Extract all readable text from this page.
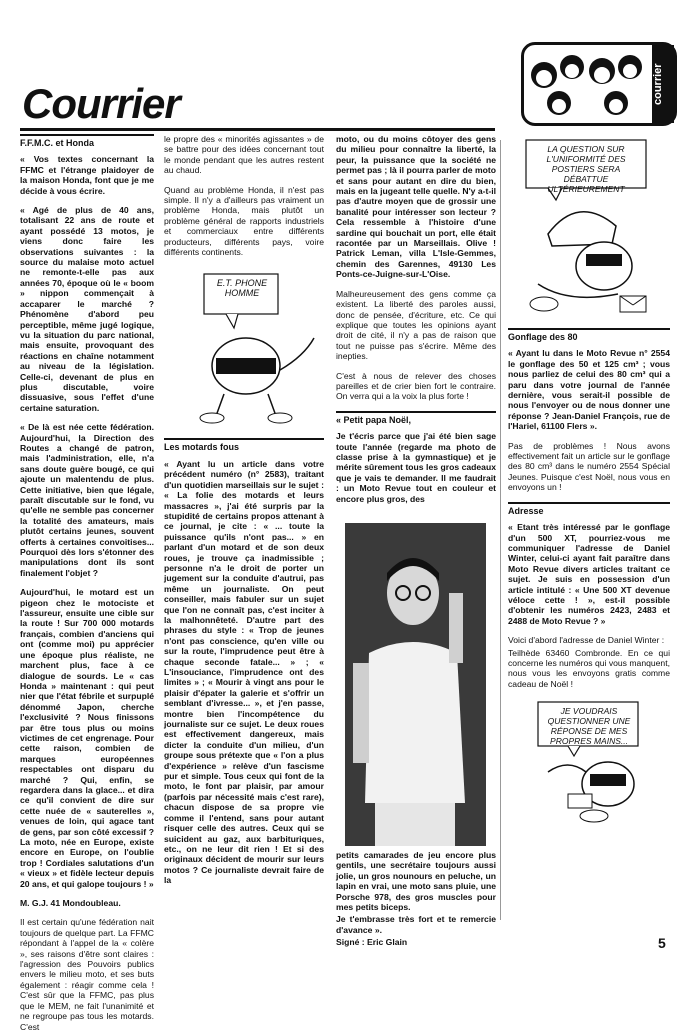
Courrier	courrier
F.F.M.C. et Honda

« Vos textes concernant la FFMC et l'étrange plaidoyer de la maison Honda, font que je me décide à vous écrire.

« Agé de plus de 40 ans, totalisant 22 ans de route et ayant possédé 13 motos, je viens donc faire les observations suivantes : la source du malaise moto actuel ne remonte-t-elle pas aux années 70, époque où le « boom » nippon commençait à accaparer le marché ? Phénomène d'abord peu perceptible, même jugé logique, vu la situation du parc national, mais ensuite, provoquant des réactions en chaîne notamment au niveau de la législation. Celle-ci, devenant de plus en plus discutable, voire dissuasive, sous l'effet d'une certaine saturation.

« De là est née cette fédération. Aujourd'hui, la Direction des Routes a changé de patron, mais l'administration, elle, n'a sans doute guère bougé, ce qui ajoute un malentendu de plus. Cette initiative, bien que légale, paraît discutable sur le fond, vu qu'elle ne semble pas concerner la totalité des amateurs, mais plutôt certains jeunes, souvent offerts à certaines convoitises... Pourquoi dès lors s'étonner des manipulations dont ils sont finalement l'objet ?

Aujourd'hui, le motard est un pigeon chez le motociste et l'assureur, ensuite une cible sur la route ! Sur 700 000 motards français, combien d'anciens qui ont (comme moi) pu apprécier une époque plus réaliste, ne marchent plus, face à ce dialogue de sourds. Le « cas Honda » maintenant : qui peut nier que l'état fébrile et surpuplé dénommé Japon, cherche l'exclusivité ? Nous finissons par être tous plus ou moins victimes de cet engrenage. Pour cette raison, combien de marques européennes respectables ont disparu du marché ? Qui, enfin, se regardera dans la glace... et dira ce qu'il convient de dire sur cette nuée de « sauterelles », venues de loin, qui agace tant de gens, par son côté excessif ? La moto, née en Europe, existe encore en Europe, on l'oublie trop ! Cordiales salutations d'un « vieux » et fidèle lecteur depuis 20 ans, et qui galope toujours ! »

M. G.J. 41 Mondoubleau.

Il est certain qu'une fédération nait toujours de quelque part. La FFMC répondant à l'appel de la « colère », ses raisons d'être sont claires : l'agression des Pouvoirs publics envers le milieu moto, et ses buts également : réagir comme cela ! C'est sûr que la FFMC, pas plus que le MEM, ne fait l'unanimité et ne regroupe pas tous les motards. C'est

le propre des « minorités agissantes » de se battre pour des idées concernant tout le monde pendant que les autres restent au chaud.

Quand au problème Honda, il n'est pas simple. Il n'y a d'ailleurs pas vraiment un problème Honda, mais plutôt un problème général de rapports industriels et commerciaux entre différents producteurs, différents pays, voire différents continents.

E.T. PHONE HOMME
Les motards fous

« Ayant lu un article dans votre précédent numéro (n° 2583), traitant d'un quotidien marseillais sur le sujet : « La folie des motards et leurs massacres », j'ai été surpris par la stupidité de certains propos attenant à ce journal, je cite : « ... toute la puissance qu'ils n'ont pas... » en parlant d'un motard et de son deux roues, je trouve ça inadmissible ; personne n'a le droit de porter un jugement sur la conduite d'autrui, pas même un journaliste. On peut conseiller, mais fabuler sur un sujet que l'on ne connaît pas, c'est inciter à la malhonnêteté. D'autre part des phrases du style : « Trop de jeunes n'ont pas conscience, qu'en ville ou sur la route, l'imprudence peut être à chaque seconde fatale... » ; « L'insouciance, l'imprudence ont des limites » ; « Mourir à vingt ans pour le plaisir d'épater la galerie et s'offrir un semblant d'ivresse... », et j'en passe, montre bien l'incompétence du journaliste sur ce sujet. Le deux roues est effectivement dangereux, mais dicter la conduite d'un milieu, d'un groupe sous prétexte que « l'on a plus d'expérience » relève d'un fascisme pur et simple. Tous ceux qui font de la moto, le font par plaisir, par amour (parfois par nécessité mais c'est rare), chacun dispose de sa propre vie comme il l'entend, sans pour autant risquer celle des autres. Ceux qui se suicident au gaz, aux barbituriques, etc., on ne leur dit rien ! Et si des originaux décident de mourir sur leurs motos ? Ce journaliste devrait faire de la

moto, ou du moins côtoyer des gens du milieu pour connaître la liberté, la peur, la puissance que la société ne permet pas ; là il pourra parler de moto et sans pour autant en dire du bien, mais en la jugeant telle quelle. N'y a-t-il pas d'autre moyen que de grossir une banalité pour intéresser son lecteur ? Cela ressemble à l'histoire d'une sardine qui bouchait un port, elle était racontée par un Marseillais. Olive ! Patrick Leman, villa L'Isle-Gemmes, chemin des Garennes, 49130 Les Ponts-ce-Juigne-sur-L'Oise.

Malheureusement des gens comme ça existent. La liberté des paroles aussi, donc de pensée, d'écriture, etc. Ce qui explique que toutes les opinions ayant droit de cité, il n'y a pas de raison que tout ne puisse pas s'écrire. Même des inepties.

C'est à nous de relever des choses pareilles et de crier bien fort le contraire. On verra qui a la voix la plus forte !

« Petit papa Noël,

Je t'écris parce que j'ai été bien sage toute l'année (regarde ma photo de classe prise à la gymnastique) et je mérite sûrement tous les gros cadeaux que je vais te demander. Il me faudrait : un Moto Revue tout en couleur et encore plus gros, des

petits camarades de jeu encore plus gentils, une secrétaire toujours aussi jolie, un gros nounours en peluche, un lapin en vrai, une moto sans pluie, une Porsche 978, des gros muscles pour mes petits biceps.

Je t'embrasse très fort et te remercie d'avance ».

Signé : Eric Glain

LA QUESTION SUR L'UNIFORMITÉ DES POSTIERS SERA DÉBATTUE ULTÉRIEUREMENT
Gonflage des 80

« Ayant lu dans le Moto Revue n° 2554 le gonflage des 50 et 125 cm³ ; vous nous parliez de celui des 80 cm³ qui a paru dans votre journal de l'année dernière, vous serait-il possible de nous l'envoyer ou de nous donner une réponse ? Jean-Daniel François, rue de l'Hariel, 61100 Flers ».

Pas de problèmes ! Nous avons effectivement fait un article sur le gonflage des 80 cm³ dans le numéro 2554 Spécial Jeunes. Puisque c'est Noël, nous vous en envoyons un !

Adresse

« Etant très intéressé par le gonflage d'un 500 XT, pourriez-vous me communiquer l'adresse de Daniel Winter, celui-ci ayant fait paraître dans Moto Revue divers articles traitant ce sujet. Je suis en possession d'un article intitulé : « Une 500 XT devenue véloce cette ! », est-il possible d'obtenir les numéros 2423, 2483 et 2488 de Moto Revue ? »

Voici d'abord l'adresse de Daniel Winter :

Teilhède 63460 Combronde. En ce qui concerne les numéros qui vous manquent, nous vous les envoyons gratis comme cadeau de Noël !

JE VOUDRAIS QUESTIONNER UNE RÉPONSE DE MES PROPRES MAINS...
5
